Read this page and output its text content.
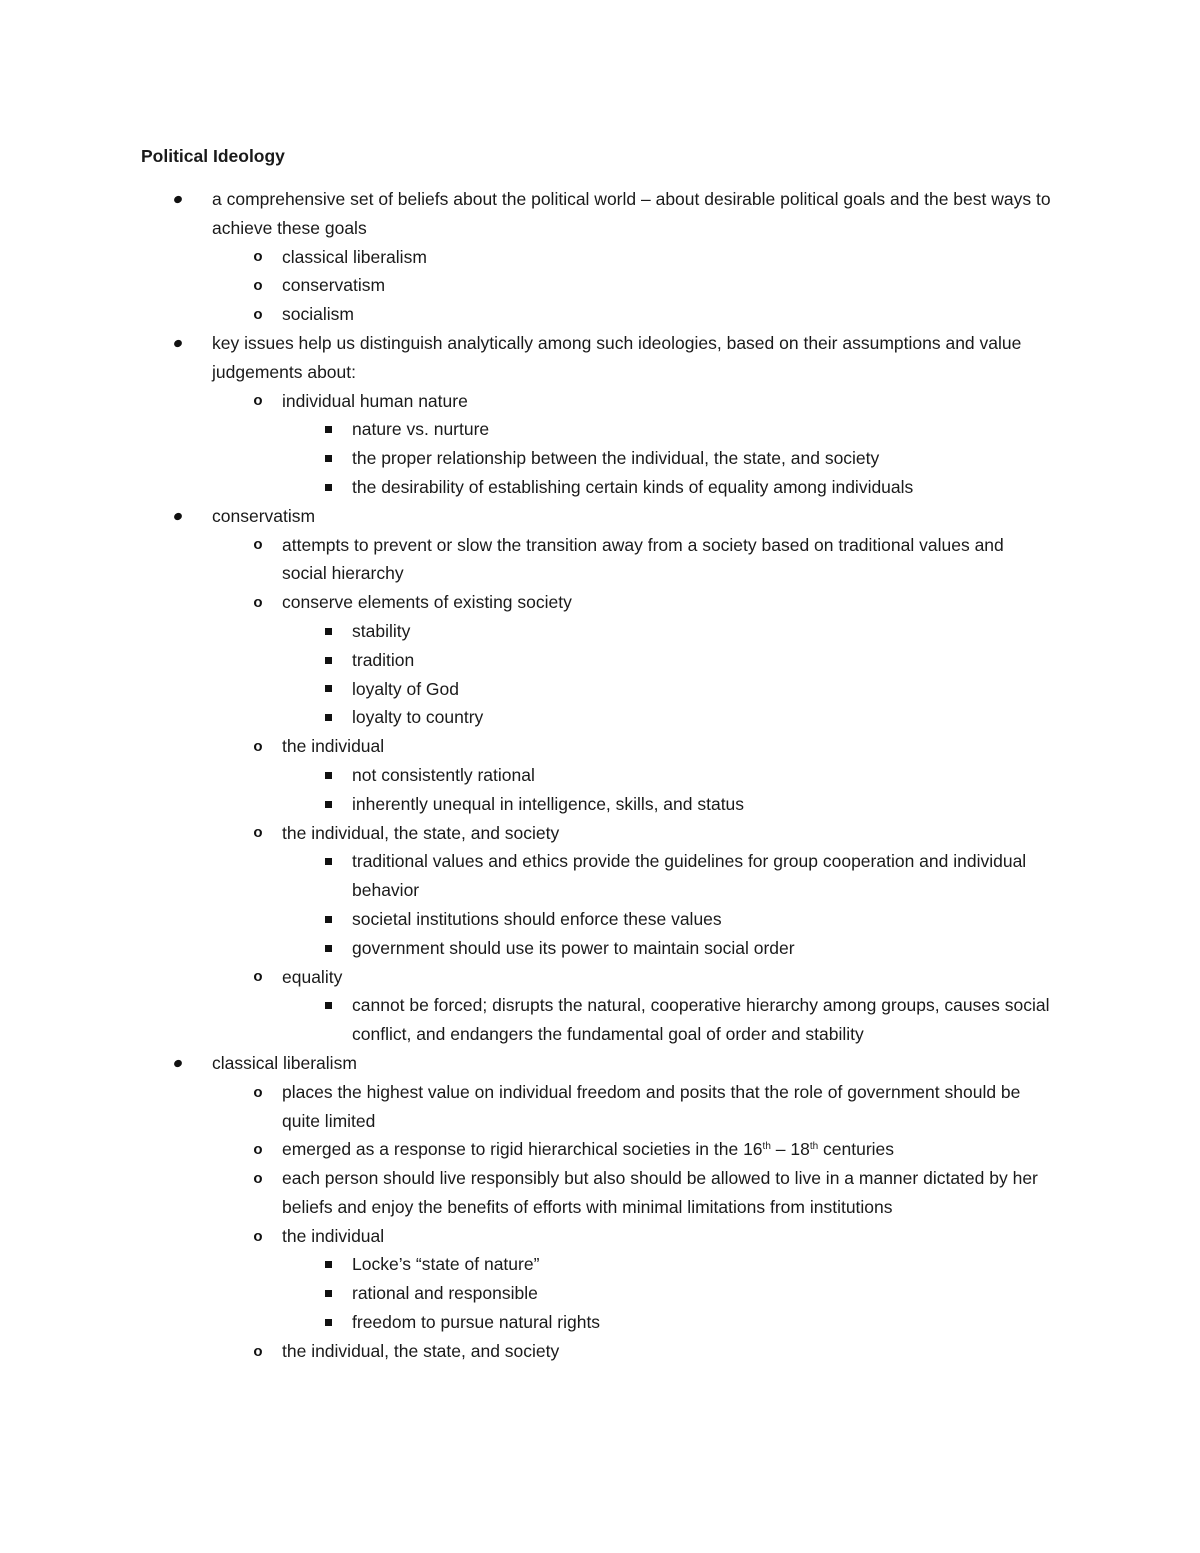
Political Ideology
a comprehensive set of beliefs about the political world – about desirable political goals and the best ways to achieve these goals
o classical liberalism
o conservatism
o socialism
key issues help us distinguish analytically among such ideologies, based on their assumptions and value judgements about:
o individual human nature
nature vs. nurture
the proper relationship between the individual, the state, and society
the desirability of establishing certain kinds of equality among individuals
conservatism
o attempts to prevent or slow the transition away from a society based on traditional values and social hierarchy
o conserve elements of existing society
stability
tradition
loyalty of God
loyalty to country
o the individual
not consistently rational
inherently unequal in intelligence, skills, and status
o the individual, the state, and society
traditional values and ethics provide the guidelines for group cooperation and individual behavior
societal institutions should enforce these values
government should use its power to maintain social order
o equality
cannot be forced; disrupts the natural, cooperative hierarchy among groups, causes social conflict, and endangers the fundamental goal of order and stability
classical liberalism
o places the highest value on individual freedom and posits that the role of government should be quite limited
o emerged as a response to rigid hierarchical societies in the 16th – 18th centuries
o each person should live responsibly but also should be allowed to live in a manner dictated by her beliefs and enjoy the benefits of efforts with minimal limitations from institutions
o the individual
Locke’s “state of nature”
rational and responsible
freedom to pursue natural rights
o the individual, the state, and society
